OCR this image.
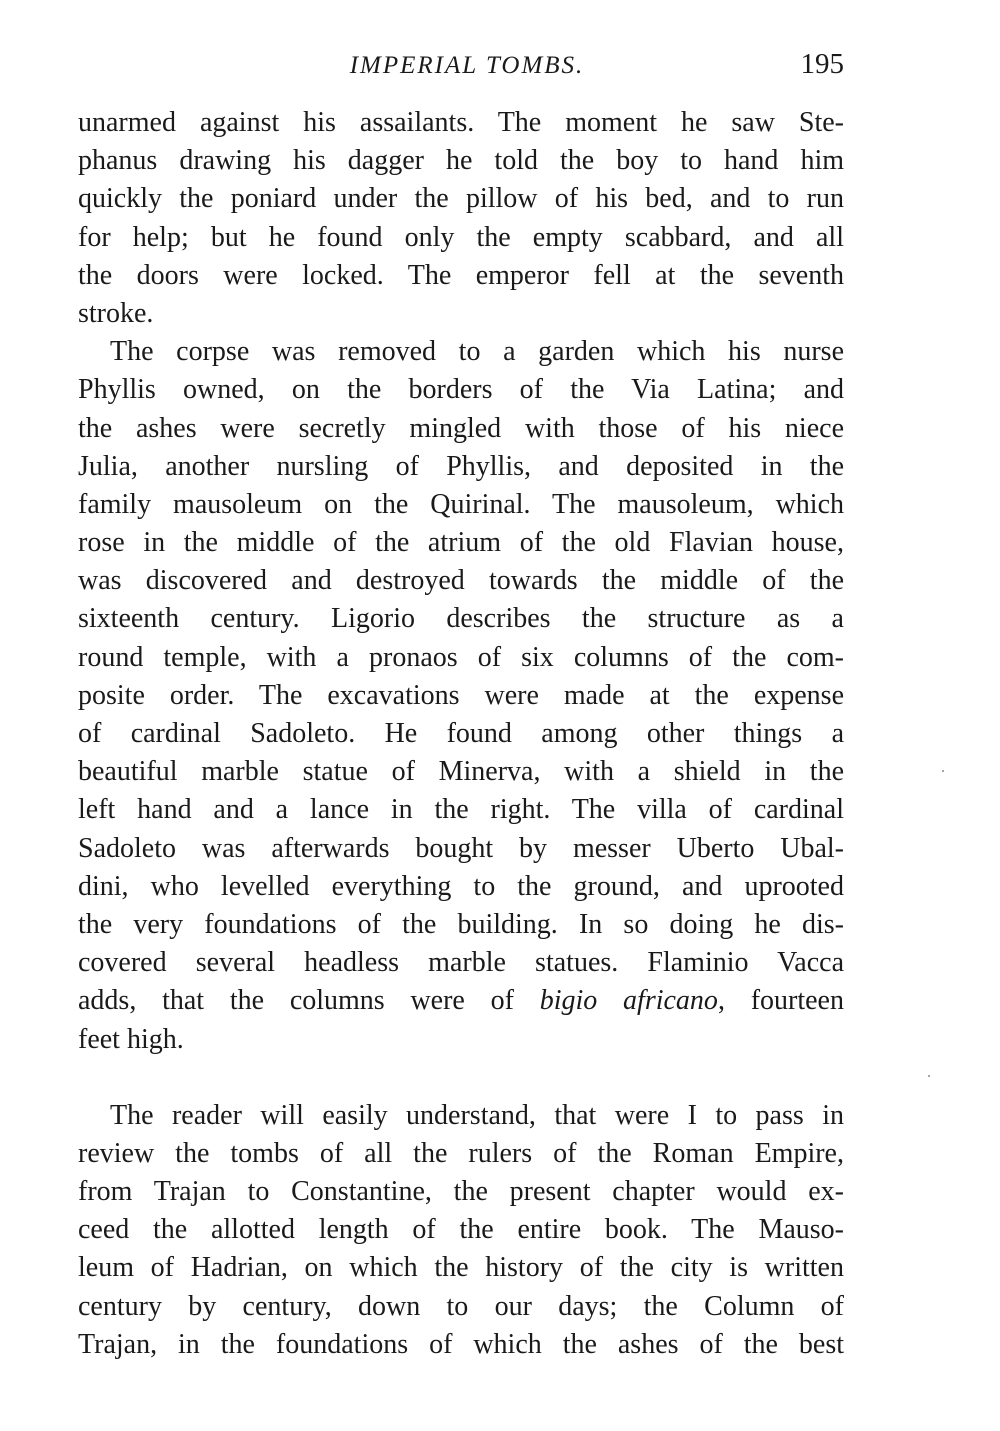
IMPERIAL TOMBS.	195
unarmed against his assailants. The moment he saw Ste-
phanus drawing his dagger he told the boy to hand him
quickly the poniard under the pillow of his bed, and to run
for help; but he found only the empty scabbard, and all
the doors were locked. The emperor fell at the seventh
stroke.
The corpse was removed to a garden which his nurse
Phyllis owned, on the borders of the Via Latina; and
the ashes were secretly mingled with those of his niece
Julia, another nursling of Phyllis, and deposited in the
family mausoleum on the Quirinal. The mausoleum, which
rose in the middle of the atrium of the old Flavian house,
was discovered and destroyed towards the middle of the
sixteenth century. Ligorio describes the structure as a
round temple, with a pronaos of six columns of the com-
posite order. The excavations were made at the expense
of cardinal Sadoleto. He found among other things a
beautiful marble statue of Minerva, with a shield in the
left hand and a lance in the right. The villa of cardinal
Sadoleto was afterwards bought by messer Uberto Ubal-
dini, who levelled everything to the ground, and uprooted
the very foundations of the building. In so doing he dis-
covered several headless marble statues. Flaminio Vacca
adds, that the columns were of bigio africano, fourteen
feet high.
The reader will easily understand, that were I to pass in
review the tombs of all the rulers of the Roman Empire,
from Trajan to Constantine, the present chapter would ex-
ceed the allotted length of the entire book. The Mauso-
leum of Hadrian, on which the history of the city is written
century by century, down to our days; the Column of
Trajan, in the foundations of which the ashes of the best
